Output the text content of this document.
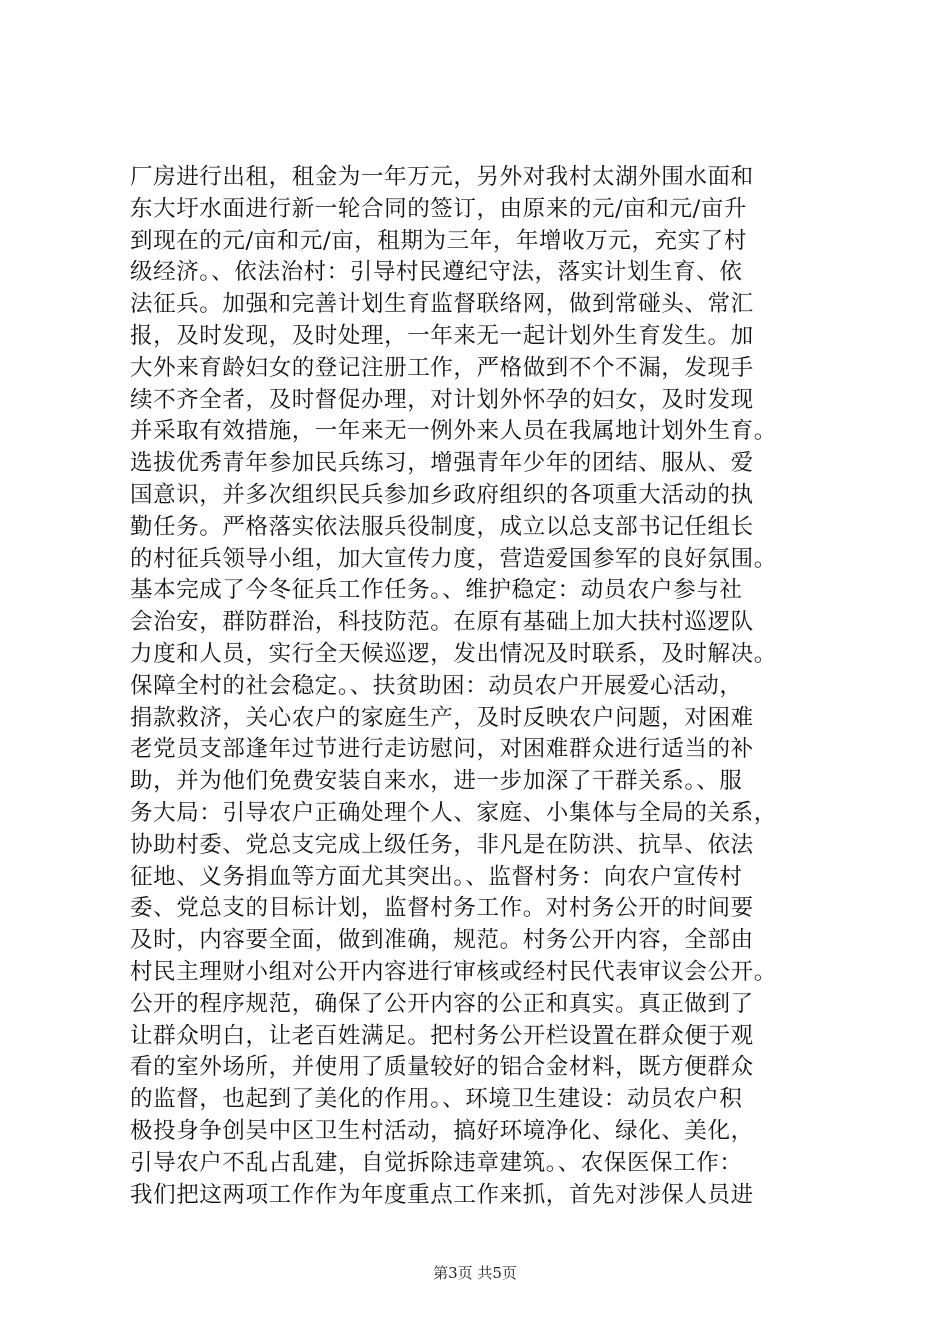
厂房进行出租，租金为一年万元，另外对我村太湖外围水面和
东大圩水面进行新一轮合同的签订，由原来的元/亩和元/亩升
到现在的元/亩和元/亩，租期为三年，年增收万元，充实了村
级经济。、依法治村：引导村民遵纪守法，落实计划生育、依
法征兵。加强和完善计划生育监督联络网，做到常碰头、常汇
报，及时发现，及时处理，一年来无一起计划外生育发生。加
大外来育龄妇女的登记注册工作，严格做到不个不漏，发现手
续不齐全者，及时督促办理，对计划外怀孕的妇女，及时发现
并采取有效措施，一年来无一例外来人员在我属地计划外生育。
选拔优秀青年参加民兵练习，增强青年少年的团结、服从、爱
国意识，并多次组织民兵参加乡政府组织的各项重大活动的执
勤任务。严格落实依法服兵役制度，成立以总支部书记任组长
的村征兵领导小组，加大宣传力度，营造爱国参军的良好氛围。
基本完成了今冬征兵工作任务。、维护稳定：动员农户参与社
会治安，群防群治，科技防范。在原有基础上加大扶村巡逻队
力度和人员，实行全天候巡逻，发出情况及时联系，及时解决。
保障全村的社会稳定。、扶贫助困：动员农户开展爱心活动，
捐款救济，关心农户的家庭生产，及时反映农户问题，对困难
老党员支部逢年过节进行走访慰问，对困难群众进行适当的补
助，并为他们免费安装自来水，进一步加深了干群关系。、服
务大局：引导农户正确处理个人、家庭、小集体与全局的关系，
协助村委、党总支完成上级任务，非凡是在防洪、抗旱、依法
征地、义务捐血等方面尤其突出。、监督村务：向农户宣传村
委、党总支的目标计划，监督村务工作。对村务公开的时间要
及时，内容要全面，做到准确，规范。村务公开内容，全部由
村民主理财小组对公开内容进行审核或经村民代表审议会公开。
公开的程序规范，确保了公开内容的公正和真实。真正做到了
让群众明白，让老百姓满足。把村务公开栏设置在群众便于观
看的室外场所，并使用了质量较好的铝合金材料，既方便群众
的监督，也起到了美化的作用。、环境卫生建设：动员农户积
极投身争创吴中区卫生村活动，搞好环境净化、绿化、美化，
引导农户不乱占乱建，自觉拆除违章建筑。、农保医保工作：
我们把这两项工作作为年度重点工作来抓，首先对涉保人员进
第3页 共5页
